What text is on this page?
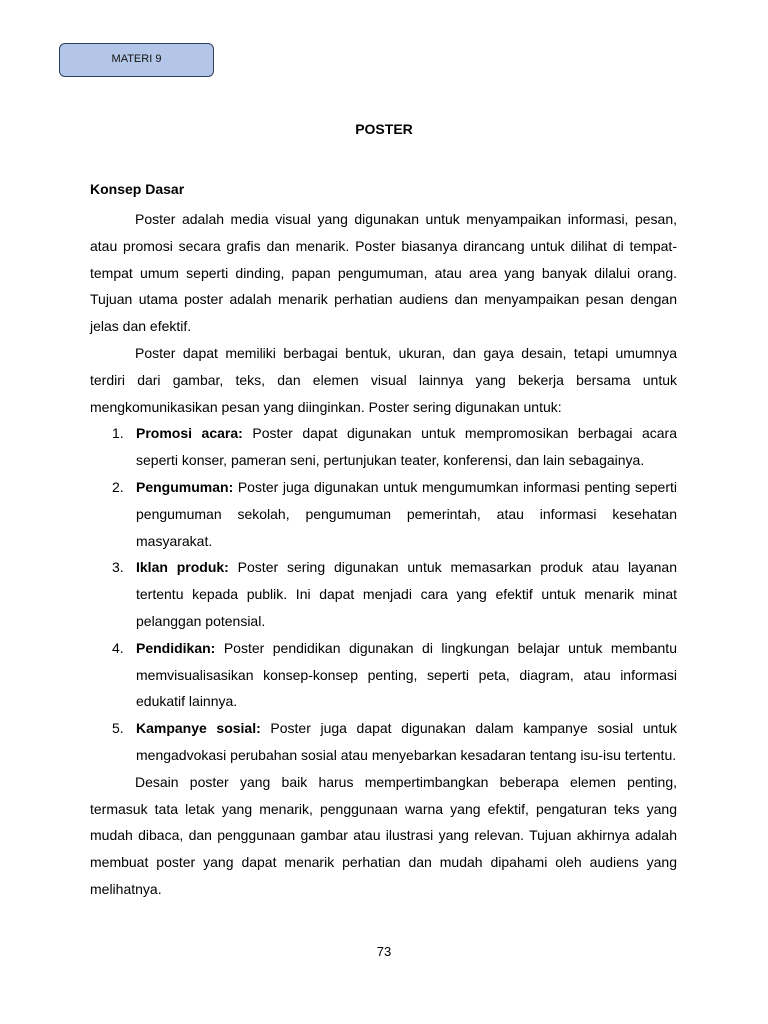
MATERI 9
POSTER
Konsep Dasar

Poster adalah media visual yang digunakan untuk menyampaikan informasi, pesan, atau promosi secara grafis dan menarik. Poster biasanya dirancang untuk dilihat di tempat-tempat umum seperti dinding, papan pengumuman, atau area yang banyak dilalui orang. Tujuan utama poster adalah menarik perhatian audiens dan menyampaikan pesan dengan jelas dan efektif.

Poster dapat memiliki berbagai bentuk, ukuran, dan gaya desain, tetapi umumnya terdiri dari gambar, teks, dan elemen visual lainnya yang bekerja bersama untuk mengkomunikasikan pesan yang diinginkan. Poster sering digunakan untuk:

1. Promosi acara: Poster dapat digunakan untuk mempromosikan berbagai acara seperti konser, pameran seni, pertunjukan teater, konferensi, dan lain sebagainya.
2. Pengumuman: Poster juga digunakan untuk mengumumkan informasi penting seperti pengumuman sekolah, pengumuman pemerintah, atau informasi kesehatan masyarakat.
3. Iklan produk: Poster sering digunakan untuk memasarkan produk atau layanan tertentu kepada publik. Ini dapat menjadi cara yang efektif untuk menarik minat pelanggan potensial.
4. Pendidikan: Poster pendidikan digunakan di lingkungan belajar untuk membantu memvisualisasikan konsep-konsep penting, seperti peta, diagram, atau informasi edukatif lainnya.
5. Kampanye sosial: Poster juga dapat digunakan dalam kampanye sosial untuk mengadvokasi perubahan sosial atau menyebarkan kesadaran tentang isu-isu tertentu.

Desain poster yang baik harus mempertimbangkan beberapa elemen penting, termasuk tata letak yang menarik, penggunaan warna yang efektif, pengaturan teks yang mudah dibaca, dan penggunaan gambar atau ilustrasi yang relevan. Tujuan akhirnya adalah membuat poster yang dapat menarik perhatian dan mudah dipahami oleh audiens yang melihatnya.

73
